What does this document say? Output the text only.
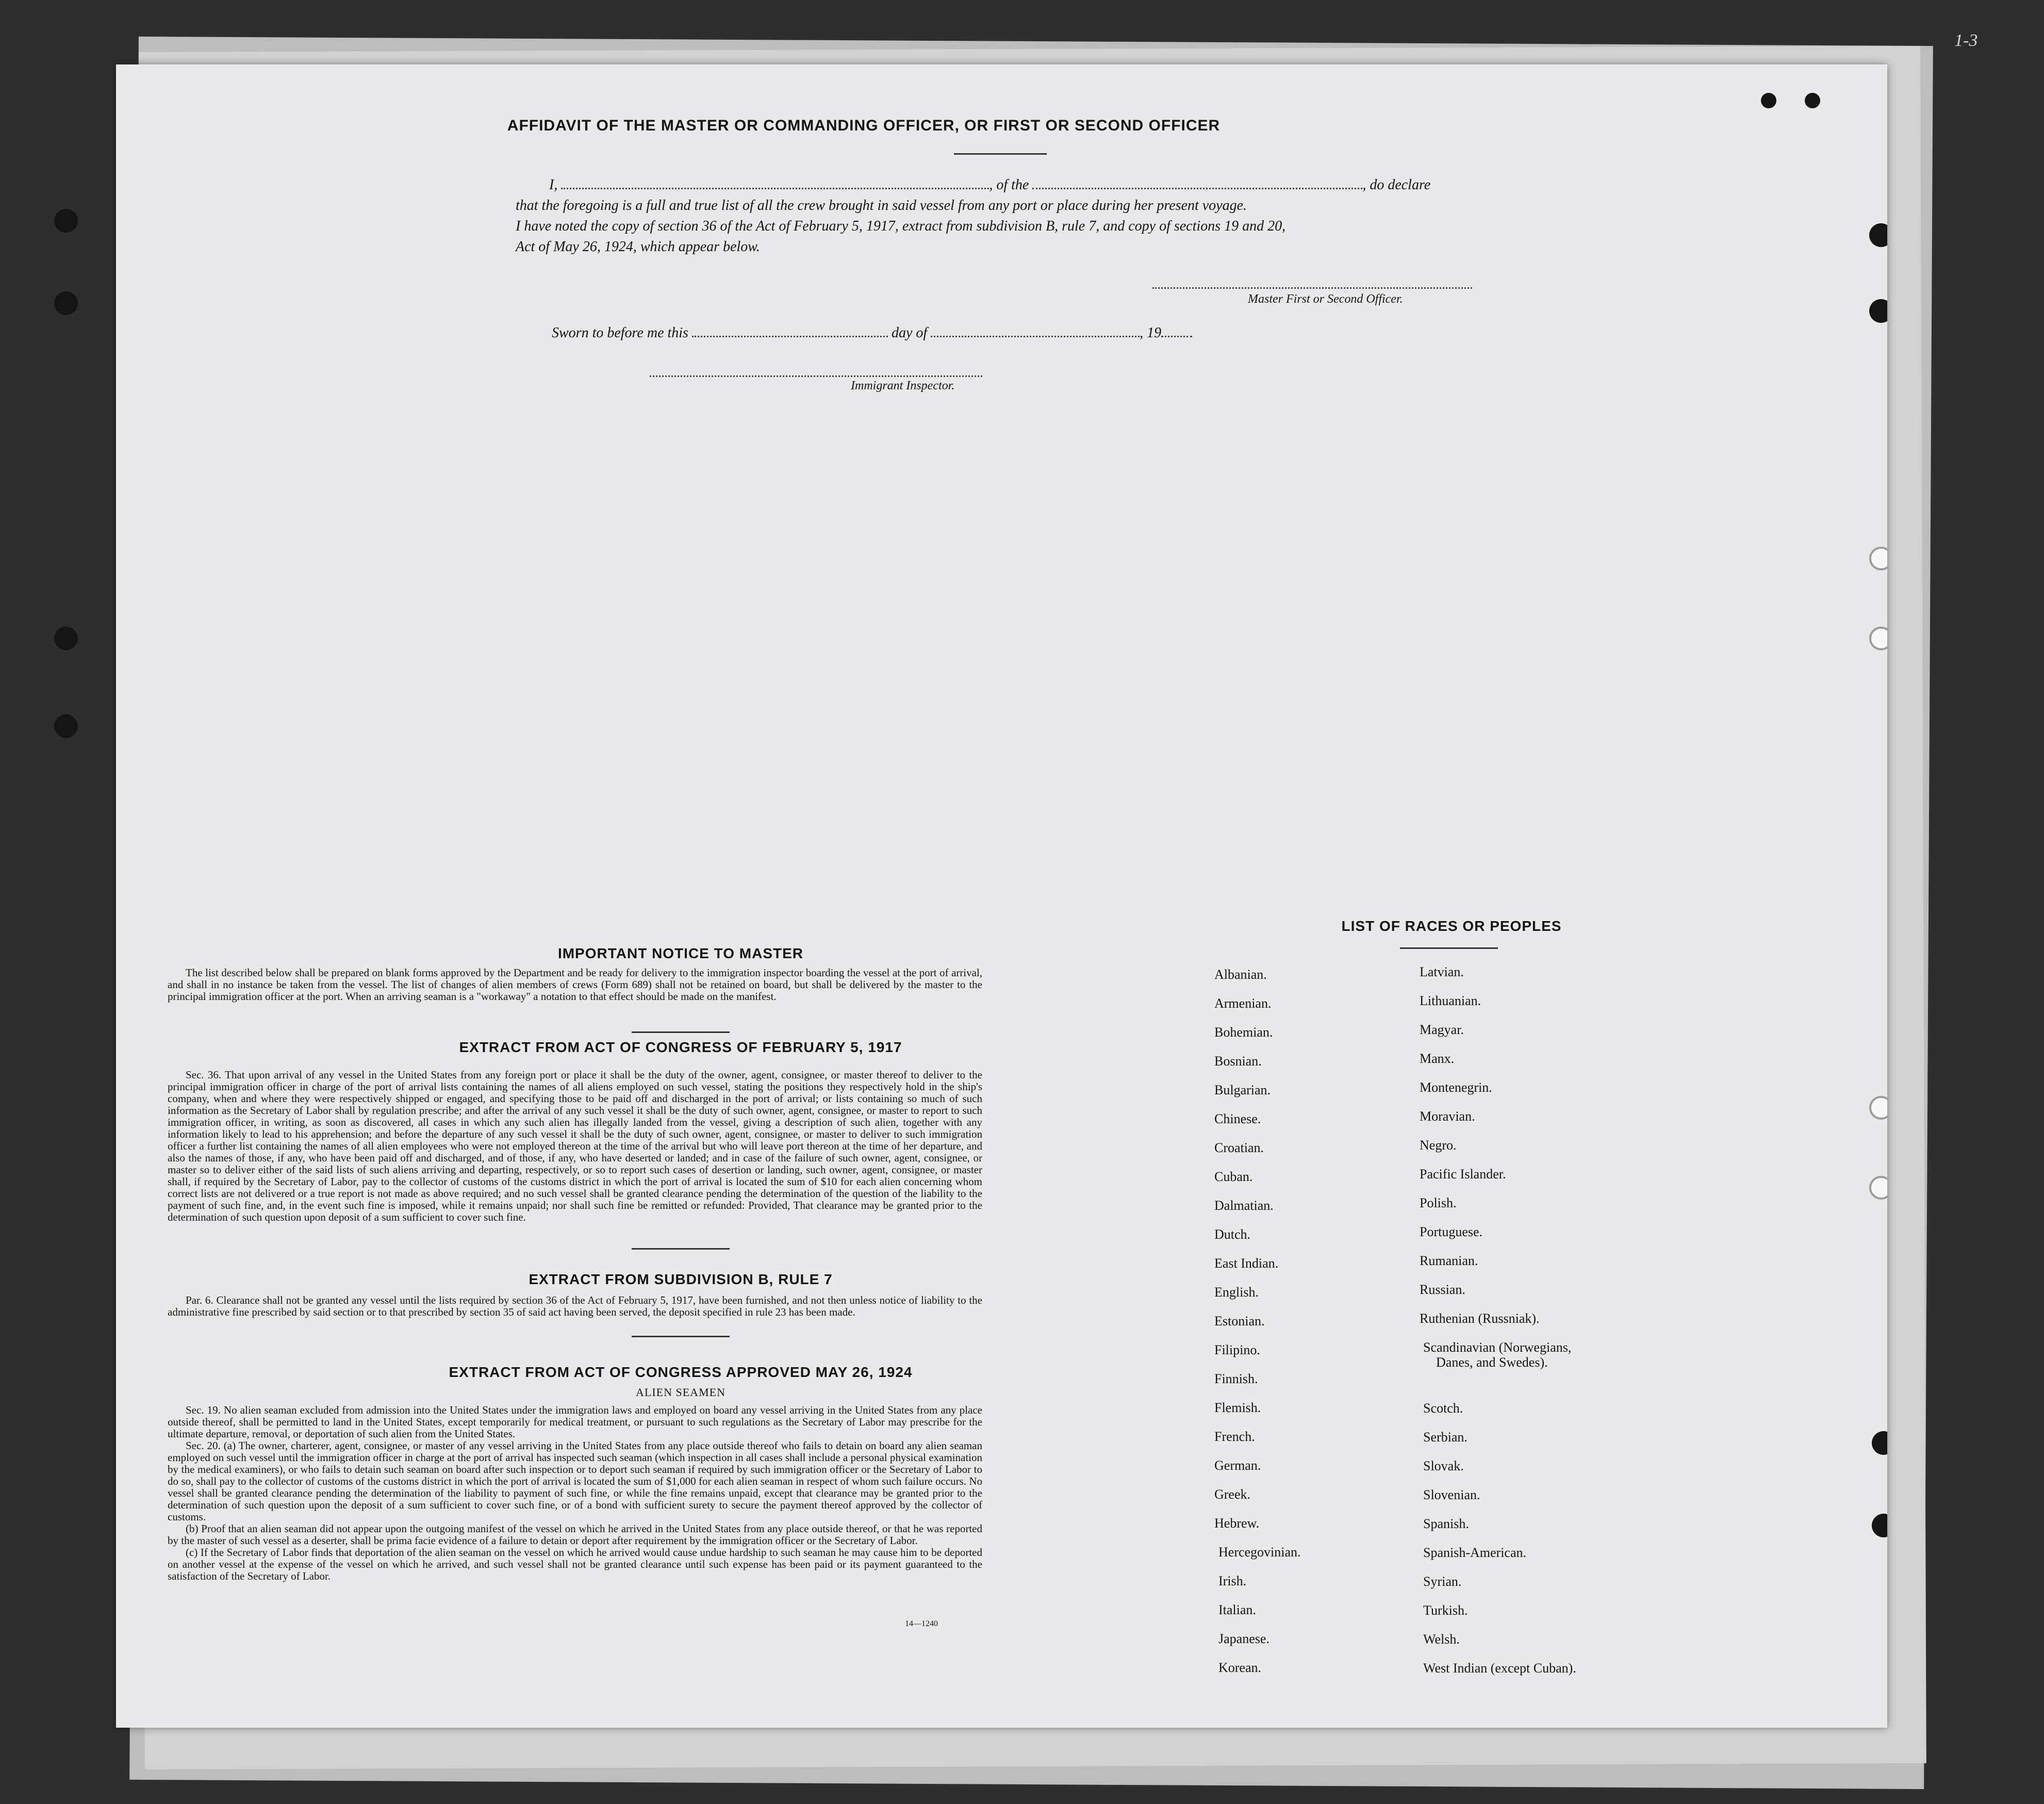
1-3
AFFIDAVIT OF THE MASTER OR COMMANDING OFFICER, OR FIRST OR SECOND OFFICER
I,	, of the	, do declare
that the foregoing is a full and true list of all the crew brought in said vessel from any port or place during her present voyage.
I have noted the copy of section 36 of the Act of February 5, 1917, extract from subdivision B, rule 7, and copy of sections 19 and 20,
Act of May 26, 1924, which appear below.
Master First or Second Officer.
Sworn to before me this	day of	, 19
Immigrant Inspector.
IMPORTANT NOTICE TO MASTER
The list described below shall be prepared on blank forms approved by the Department and be ready for delivery to the immigration inspector boarding the vessel at the port of arrival, and shall in no instance be taken from the vessel. The list of changes of alien members of crews (Form 689) shall not be retained on board, but shall be delivered by the master to the principal immigration officer at the port. When an arriving seaman is a "workaway" a notation to that effect should be made on the manifest.
EXTRACT FROM ACT OF CONGRESS OF FEBRUARY 5, 1917
Sec. 36. That upon arrival of any vessel in the United States from any foreign port or place it shall be the duty of the owner, agent, consignee, or master thereof to deliver to the principal immigration officer in charge of the port of arrival lists containing the names of all aliens employed on such vessel, stating the positions they respectively hold in the ship's company, when and where they were respectively shipped or engaged, and specifying those to be paid off and discharged in the port of arrival; or lists containing so much of such information as the Secretary of Labor shall by regulation prescribe; and after the arrival of any such vessel it shall be the duty of such owner, agent, consignee, or master to report to such immigration officer, in writing, as soon as discovered, all cases in which any such alien has illegally landed from the vessel, giving a description of such alien, together with any information likely to lead to his apprehension; and before the departure of any such vessel it shall be the duty of such owner, agent, consignee, or master to deliver to such immigration officer a further list containing the names of all alien employees who were not employed thereon at the time of the arrival but who will leave port thereon at the time of her departure, and also the names of those, if any, who have been paid off and discharged, and of those, if any, who have deserted or landed; and in case of the failure of such owner, agent, consignee, or master so to deliver either of the said lists of such aliens arriving and departing, respectively, or so to report such cases of desertion or landing, such owner, agent, consignee, or master shall, if required by the Secretary of Labor, pay to the collector of customs of the customs district in which the port of arrival is located the sum of $10 for each alien concerning whom correct lists are not delivered or a true report is not made as above required; and no such vessel shall be granted clearance pending the determination of the question of the liability to the payment of such fine, and, in the event such fine is imposed, while it remains unpaid; nor shall such fine be remitted or refunded: Provided, That clearance may be granted prior to the determination of such question upon deposit of a sum sufficient to cover such fine.
EXTRACT FROM SUBDIVISION B, RULE 7
Par. 6. Clearance shall not be granted any vessel until the lists required by section 36 of the Act of February 5, 1917, have been furnished, and not then unless notice of liability to the administrative fine prescribed by said section or to that prescribed by section 35 of said act having been served, the deposit specified in rule 23 has been made.
EXTRACT FROM ACT OF CONGRESS APPROVED MAY 26, 1924
ALIEN SEAMEN

Sec. 19. No alien seaman excluded from admission into the United States under the immigration laws and employed on board any vessel arriving in the United States from any place outside thereof, shall be permitted to land in the United States, except temporarily for medical treatment, or pursuant to such regulations as the Secretary of Labor may prescribe for the ultimate departure, removal, or deportation of such alien from the United States.

Sec. 20. (a) The owner, charterer, agent, consignee, or master of any vessel arriving in the United States from any place outside thereof who fails to detain on board any alien seaman employed on such vessel until the immigration officer in charge at the port of arrival has inspected such seaman (which inspection in all cases shall include a personal physical examination by the medical examiners), or who fails to detain such seaman on board after such inspection or to deport such seaman if required by such immigration officer or the Secretary of Labor to do so, shall pay to the collector of customs of the customs district in which the port of arrival is located the sum of $1,000 for each alien seaman in respect of whom such failure occurs. No vessel shall be granted clearance pending the determination of the liability to payment of such fine, or while the fine remains unpaid, except that clearance may be granted prior to the determination of such question upon the deposit of a sum sufficient to cover such fine, or of a bond with sufficient surety to secure the payment thereof approved by the collector of customs.

(b) Proof that an alien seaman did not appear upon the outgoing manifest of the vessel on which he arrived in the United States from any place outside thereof, or that he was reported by the master of such vessel as a deserter, shall be prima facie evidence of a failure to detain or deport after requirement by the immigration officer or the Secretary of Labor.

(c) If the Secretary of Labor finds that deportation of the alien seaman on the vessel on which he arrived would cause undue hardship to such seaman he may cause him to be deported on another vessel at the expense of the vessel on which he arrived, and such vessel shall not be granted clearance until such expense has been paid or its payment guaranteed to the satisfaction of the Secretary of Labor.

14—1240
LIST OF RACES OR PEOPLES
Albanian.
Armenian.
Bohemian.
Bosnian.
Bulgarian.
Chinese.
Croatian.
Cuban.
Dalmatian.
Dutch.
East Indian.
English.
Estonian.
Filipino.
Finnish.
Flemish.
French.
German.
Greek.
Hebrew.
Hercegovinian.
Irish.
Italian.
Japanese.
Korean.
Latvian.
Lithuanian.
Magyar.
Manx.
Montenegrin.
Moravian.
Negro.
Pacific Islander.
Polish.
Portuguese.
Rumanian.
Russian.
Ruthenian (Russniak).
Scandinavian (Norwegians,
Danes, and Swedes).
Scotch.
Serbian.
Slovak.
Slovenian.
Spanish.
Spanish-American.
Syrian.
Turkish.
Welsh.
West Indian (except Cuban).
